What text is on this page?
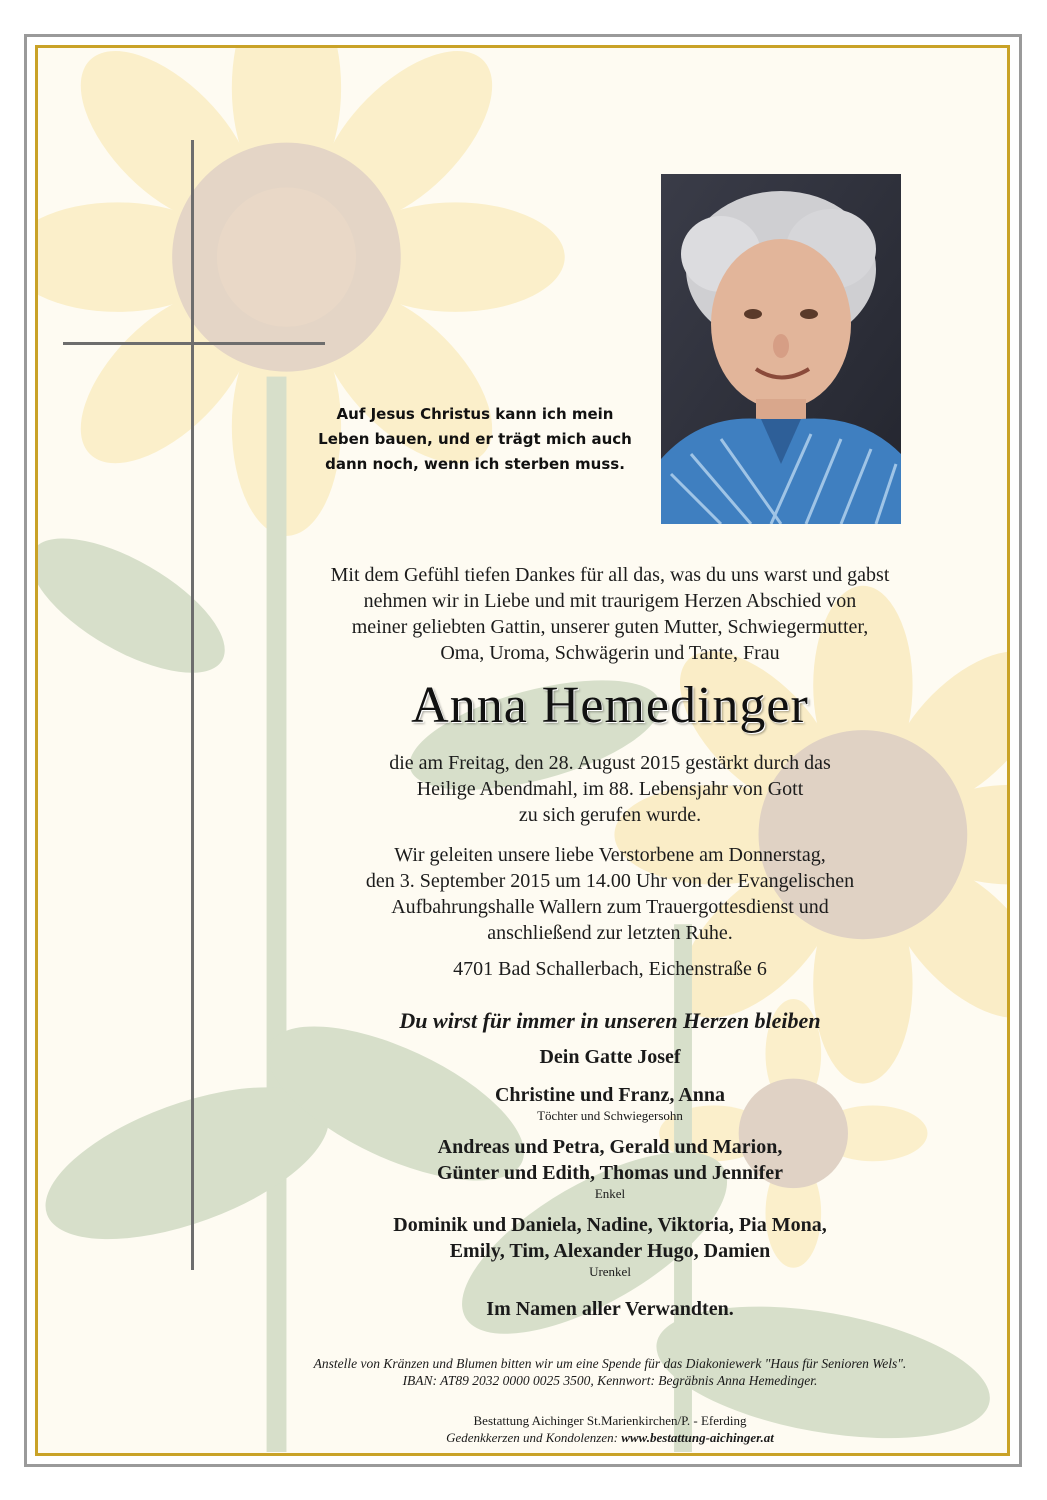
Auf Jesus Christus kann ich mein
Leben bauen, und er trägt mich auch
dann noch, wenn ich sterben muss.
Mit dem Gefühl tiefen Dankes für all das, was du uns warst und gabst
nehmen wir in Liebe und mit traurigem Herzen Abschied von
meiner geliebten Gattin, unserer guten Mutter, Schwiegermutter,
Oma, Uroma, Schwägerin und Tante, Frau
Anna Hemedinger
die am Freitag, den 28. August 2015 gestärkt durch das
Heilige Abendmahl, im 88. Lebensjahr von Gott
zu sich gerufen wurde.
Wir geleiten unsere liebe Verstorbene am Donnerstag,
den 3. September 2015 um 14.00 Uhr von der Evangelischen
Aufbahrungshalle Wallern zum Trauergottesdienst und
anschließend zur letzten Ruhe.
4701 Bad Schallerbach, Eichenstraße 6
Du wirst für immer in unseren Herzen bleiben
Dein Gatte Josef
Christine und Franz, Anna
Töchter und Schwiegersohn
Andreas und Petra, Gerald und Marion,
Günter und Edith, Thomas und Jennifer
Enkel
Dominik und Daniela, Nadine, Viktoria, Pia Mona,
Emily, Tim, Alexander Hugo, Damien
Urenkel
Im Namen aller Verwandten.
Anstelle von Kränzen und Blumen bitten wir um eine Spende für das Diakoniewerk "Haus für Senioren Wels".
IBAN: AT89 2032 0000 0025 3500, Kennwort: Begräbnis Anna Hemedinger.
Bestattung Aichinger St.Marienkirchen/P. - Eferding
Gedenkkerzen und Kondolenzen: www.bestattung-aichinger.at
